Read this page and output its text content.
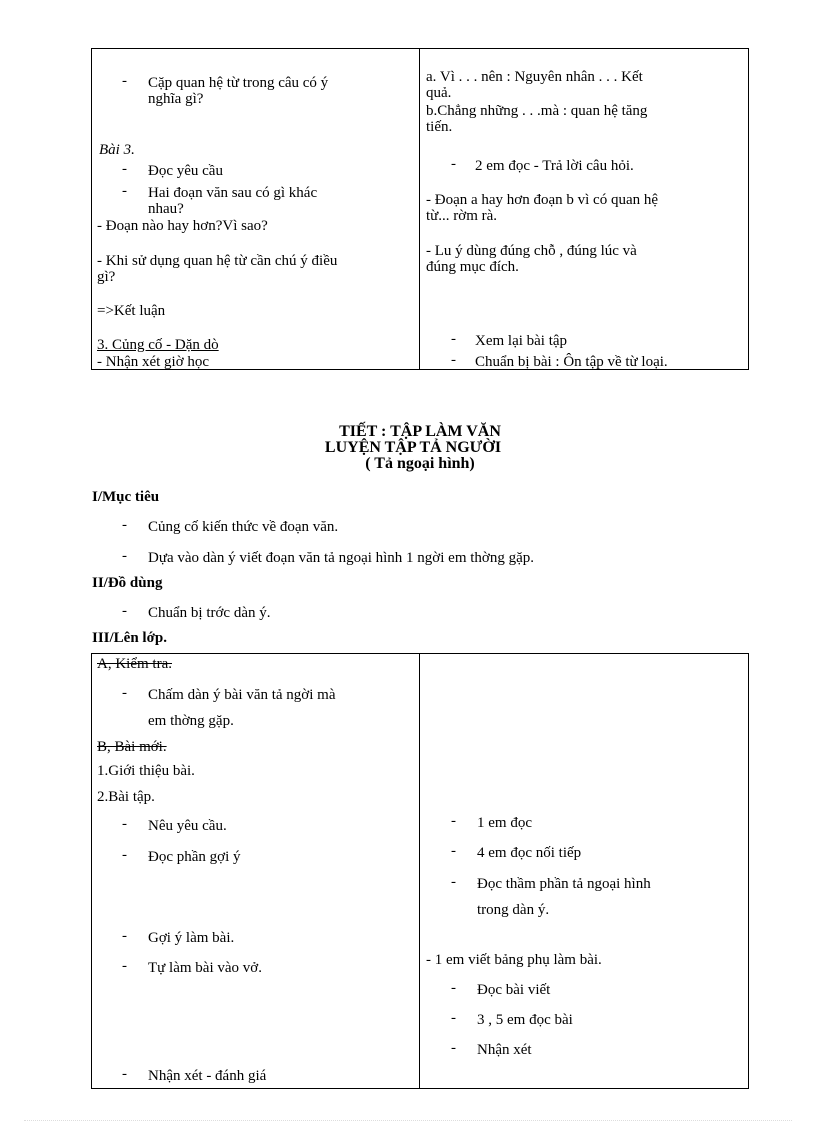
- Cặp quan hệ từ trong câu có ý
nghĩa gì?
Bài 3.
- Đọc yêu cầu
- Hai đoạn văn sau có gì khác
nhau?
- Đoạn nào hay hơn?Vì sao?
- Khi sử dụng quan hệ từ cần chú ý điều
gì?
=>Kết luận
3. Củng cố - Dặn dò
- Nhận xét giờ học
a. Vì . . . nên : Nguyên nhân . . . Kết
quả.
b.Chẳng những . . .mà : quan hệ tăng
tiến.
- 2 em đọc - Trả lời câu hỏi.
- Đoạn a hay hơn đoạn b vì có quan hệ
từ... rờm rà.
- Lu ý dùng đúng chỗ , đúng lúc và
đúng mục đích.
- Xem lại bài tập
- Chuẩn bị bài : Ôn tập về từ loại.
TIẾT : TẬP LÀM VĂN
LUYỆN TẬP TẢ NGƯỜI
( Tả ngoại hình)
I/Mục tiêu
- Củng cố kiến thức về đoạn văn.
- Dựa vào dàn ý viết đoạn văn tả ngoại hình 1 ngời em thờng gặp.
II/Đồ dùng
- Chuẩn bị trớc dàn ý.
III/Lên lớp.
A, Kiểm tra.
- Chấm dàn ý bài văn tả ngời mà
em thờng gặp.
B, Bài mới.
1.Giới thiệu bài.
2.Bài tập.
- Nêu yêu cầu.
- Đọc phần gợi ý
- Gợi ý làm bài.
- Tự làm bài vào vở.
- Nhận xét - đánh giá
- 1 em đọc
- 4 em đọc nối tiếp
- Đọc thầm phần tả ngoại hình
trong dàn ý.
- 1 em viết bảng phụ làm bài.
- Đọc bài viết
- 3 , 5 em đọc bài
- Nhận xét
